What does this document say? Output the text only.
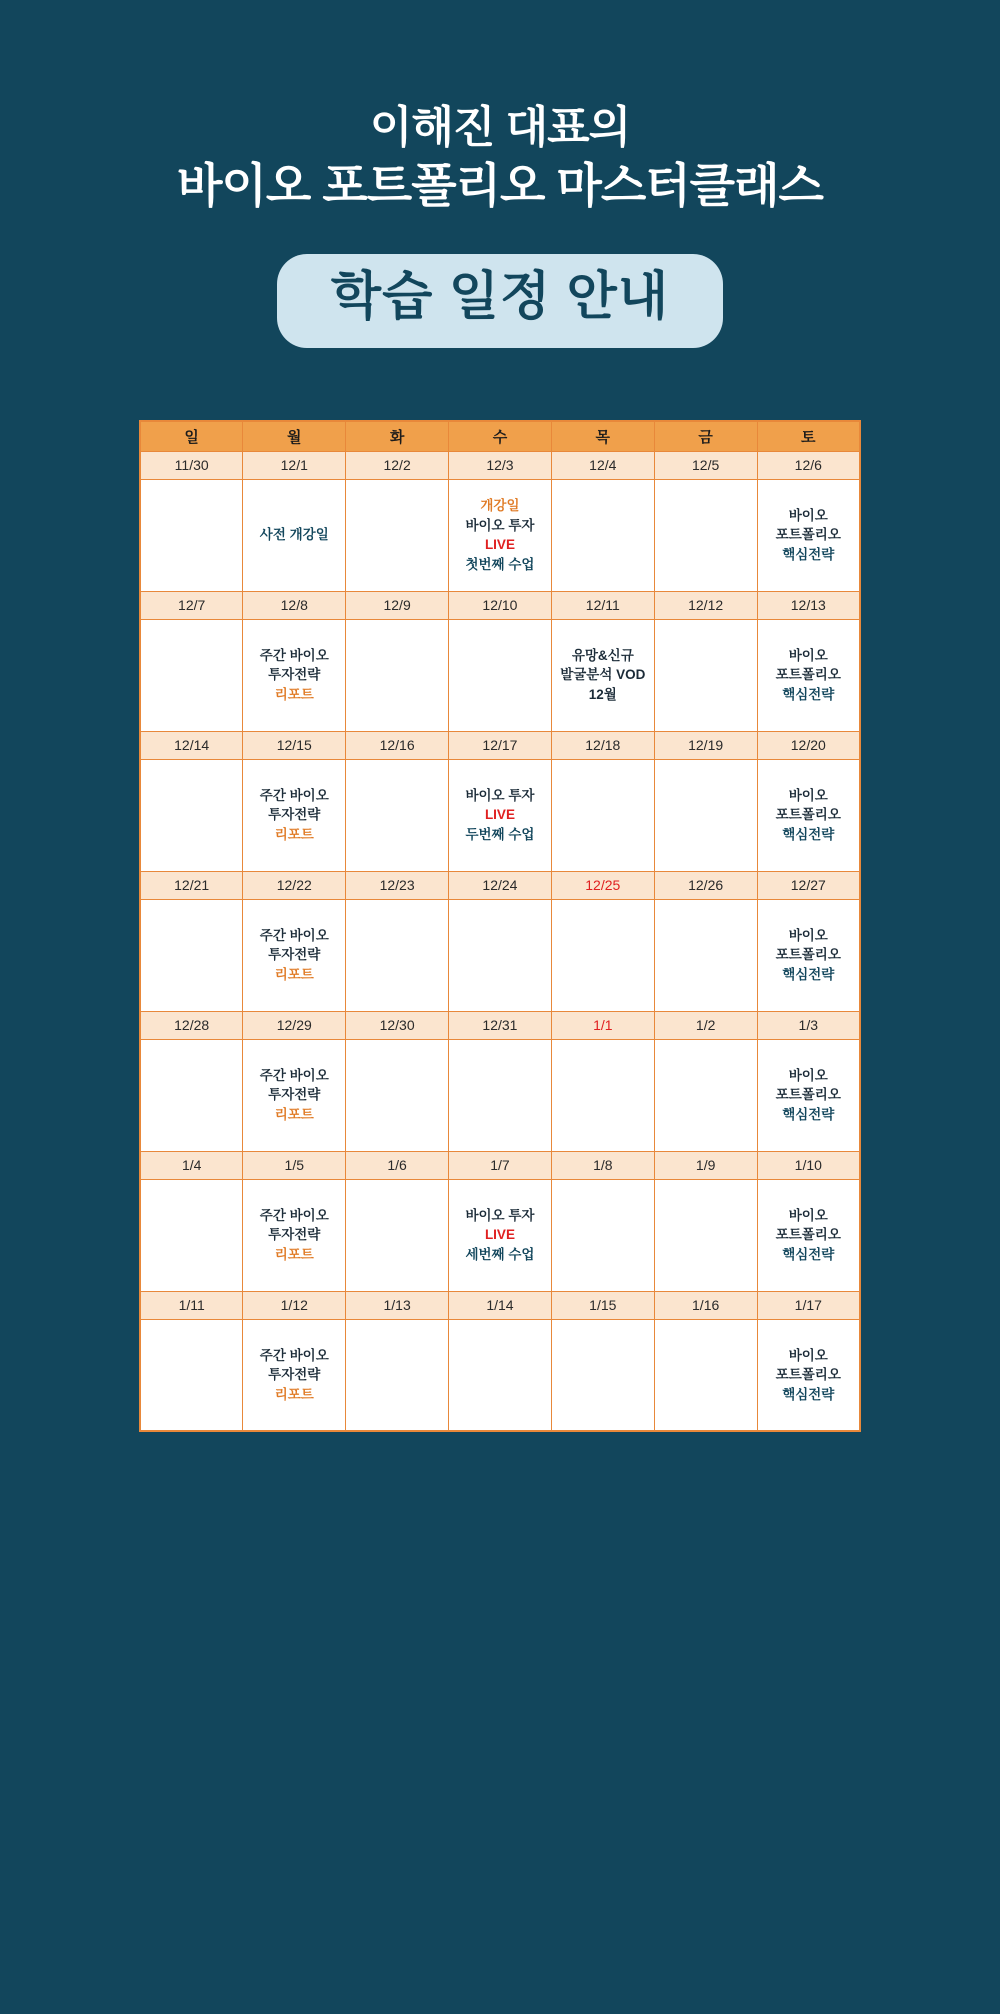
이해진 대표의
바이오 포트폴리오 마스터클래스
학습 일정 안내
일	월	화	수	목	금	토
11/30	12/1	12/2	12/3	12/4	12/5	12/6

	사전 개강일		개강일
바이오 투자
LIVE
첫번째 수업			바이오
포트폴리오
핵심전략

12/7	12/8	12/9	12/10	12/11	12/12	12/13

	주간 바이오
투자전략
리포트			유망&신규
발굴분석 VOD
12월		바이오
포트폴리오
핵심전략

12/14	12/15	12/16	12/17	12/18	12/19	12/20

	주간 바이오
투자전략
리포트		바이오 투자
LIVE
두번째 수업			바이오
포트폴리오
핵심전략

12/21	12/22	12/23	12/24	12/25	12/26	12/27

	주간 바이오
투자전략
리포트					바이오
포트폴리오
핵심전략

12/28	12/29	12/30	12/31	1/1	1/2	1/3

	주간 바이오
투자전략
리포트					바이오
포트폴리오
핵심전략

1/4	1/5	1/6	1/7	1/8	1/9	1/10

	주간 바이오
투자전략
리포트		바이오 투자
LIVE
세번째 수업			바이오
포트폴리오
핵심전략

1/11	1/12	1/13	1/14	1/15	1/16	1/17

	주간 바이오
투자전략
리포트					바이오
포트폴리오
핵심전략
